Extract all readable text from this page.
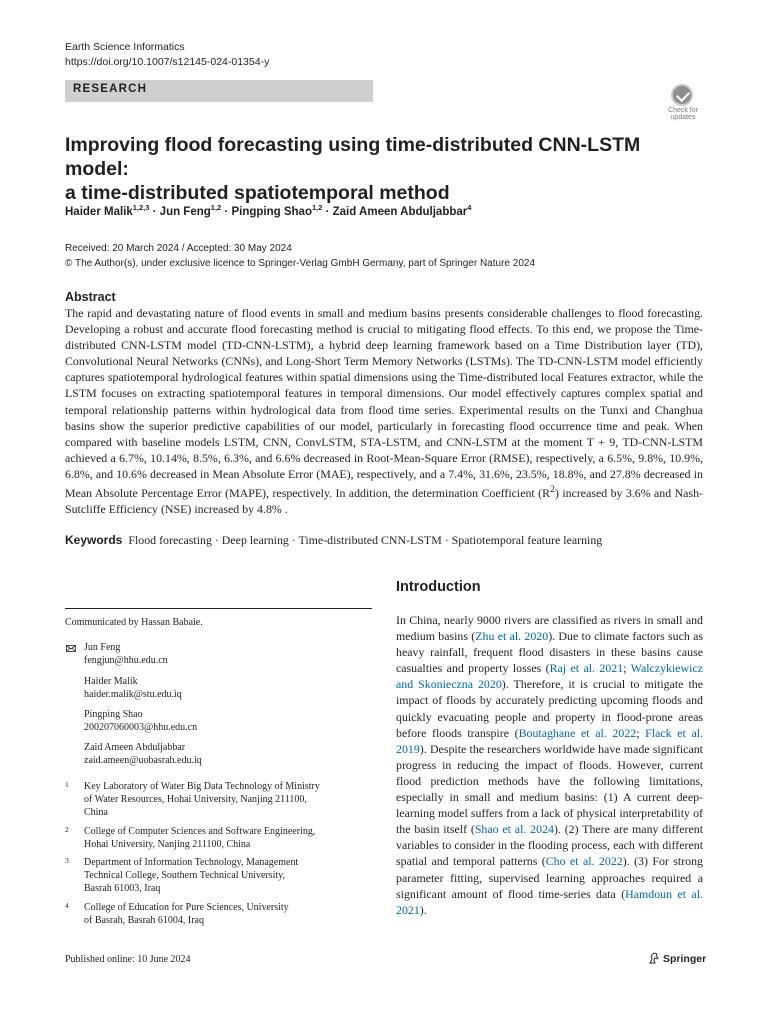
Earth Science Informatics
https://doi.org/10.1007/s12145-024-01354-y
RESEARCH
Check for
updates
Improving flood forecasting using time-distributed CNN-LSTM model:
a time-distributed spatiotemporal method
Haider Malik$^{1,2,3}$ · Jun Feng$^{1,2}$ · Pingping Shao$^{1,2}$ · Zaid Ameen Abduljabbar$^4$
Received: 20 March 2024 / Accepted: 30 May 2024
© The Author(s), under exclusive licence to Springer-Verlag GmbH Germany, part of Springer Nature 2024
Abstract

The rapid and devastating nature of flood events in small and medium basins presents considerable challenges to flood forecasting. Developing a robust and accurate flood forecasting method is crucial to mitigating flood effects. To this end, we propose the Time-distributed CNN-LSTM model (TD-CNN-LSTM), a hybrid deep learning framework based on a Time Distribution layer (TD), Convolutional Neural Networks (CNNs), and Long-Short Term Memory Networks (LSTMs). The TD-CNN-LSTM model efficiently captures spatiotemporal hydrological features within spatial dimensions using the Time-distributed local Features extractor, while the LSTM focuses on extracting spatiotemporal features in temporal dimensions. Our model effectively captures complex spatial and temporal relationship patterns within hydrological data from flood time series. Experimental results on the Tunxi and Changhua basins show the superior predictive capabilities of our model, particularly in forecasting flood occurrence time and peak. When compared with baseline models LSTM, CNN, ConvLSTM, STA-LSTM, and CNN-LSTM at the moment T + 9, TD-CNN-LSTM achieved a 6.7%, 10.14%, 8.5%, 6.3%, and 6.6% decreased in Root-Mean-Square Error (RMSE), respectively, a 6.5%, 9.8%, 10.9%, 6.8%, and 10.6% decreased in Mean Absolute Error (MAE), respectively, and a 7.4%, 31.6%, 23.5%, 18.8%, and 27.8% decreased in Mean Absolute Percentage Error (MAPE), respectively. In addition, the determination Coefficient $(R^2)$ increased by 3.6% and Nash-Sutcliffe Efficiency (NSE) increased by 4.8% .

Keywords Flood forecasting · Deep learning · Time-distributed CNN-LSTM · Spatiotemporal feature learning
Communicated by Hassan Babaie.
Jun Feng
fengjun@hhu.edu.cn
Haider Malik
haider.malik@stu.edu.iq
Pingping Shao
200207060003@hhu.edu.cn
Zaid Ameen Abduljabbar
zaid.ameen@uobasrah.edu.iq
1 Key Laboratory of Water Big Data Technology of Ministry
of Water Resources, Hohai University, Nanjing 211100,
China
2 College of Computer Sciences and Software Engineering,
Hohai University, Nanjing 211100, China
3 Department of Information Technology, Management
Technical College, Southern Technical University,
Basrah 61003, Iraq
4 College of Education for Pure Sciences, University
of Basrah, Basrah 61004, Iraq
Introduction

In China, nearly 9000 rivers are classified as rivers in small and medium basins (Zhu et al. 2020). Due to climate factors such as heavy rainfall, frequent flood disasters in these basins cause casualties and property losses (Raj et al. 2021; Walczykiewicz and Skonieczna 2020). Therefore, it is crucial to mitigate the impact of floods by accurately predicting upcoming floods and quickly evacuating people and property in flood-prone areas before floods transpire (Boutaghane et al. 2022; Flack et al. 2019). Despite the researchers worldwide have made significant progress in reducing the impact of floods. However, current flood prediction methods have the following limitations, especially in small and medium basins: (1) A current deep-learning model suffers from a lack of physical interpretability of the basin itself (Shao et al. 2024). (2) There are many different variables to consider in the flooding process, each with different spatial and temporal patterns (Cho et al. 2022). (3) For strong parameter fitting, supervised learning approaches required a significant amount of flood time-series data (Hamdoun et al. 2021).

Published online: 10 June 2024	Springer
